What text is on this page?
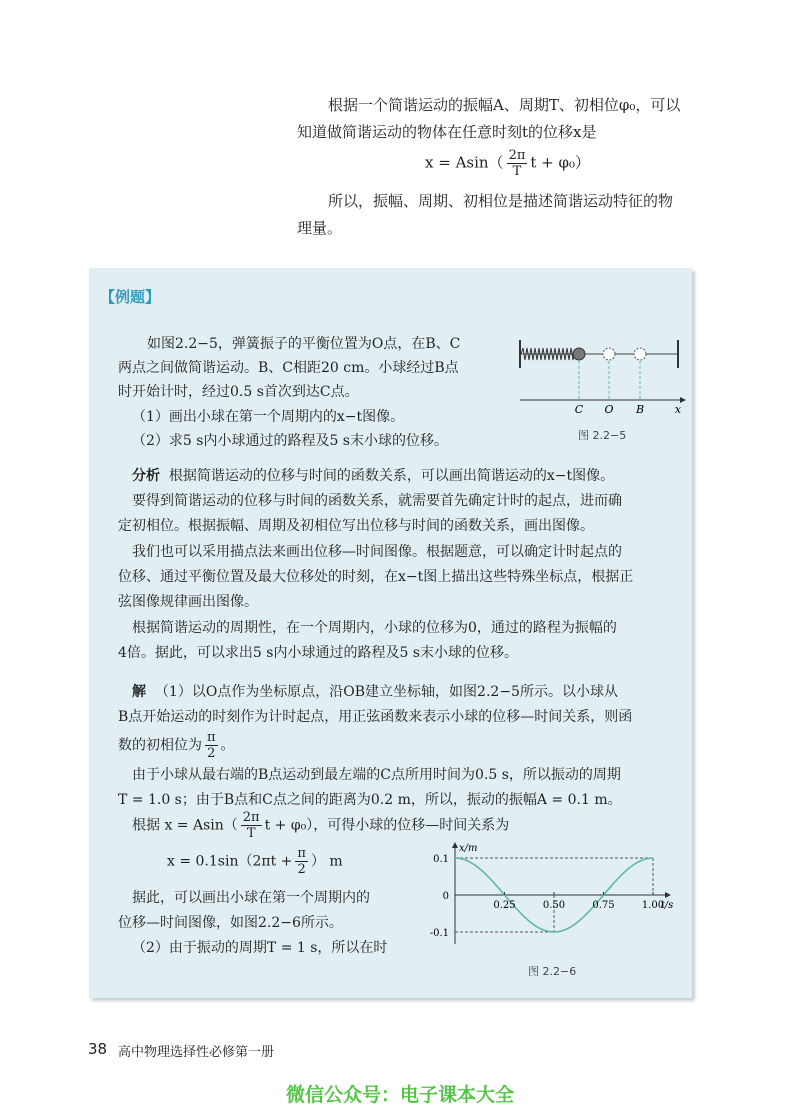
根据一个简谐运动的振幅A、周期T、初相位φ₀，可以
知道做简谐运动的物体在任意时刻t的位移x是
$x = Asin( \frac{2\pi}{T}$ t + φ₀）
所以，振幅、周期、初相位是描述简谐运动特征的物
理量。
【例题】
如图2.2−5，弹簧振子的平衡位置为O点，在B、C
两点之间做简谐运动。B、C相距20 cm。小球经过B点
时开始计时，经过0.5 s首次到达C点。
（1）画出小球在第一个周期内的x−t图像。
（2）求5 s内小球通过的路程及5 s末小球的位移。
C O B	x
图 2.2−5
分析 根据简谐运动的位移与时间的函数关系，可以画出简谐运动的x−t图像。
要得到简谐运动的位移与时间的函数关系，就需要首先确定计时的起点，进而确
定初相位。根据振幅、周期及初相位写出位移与时间的函数关系，画出图像。
我们也可以采用描点法来画出位移—时间图像。根据题意，可以确定计时起点的
位移、通过平衡位置及最大位移处的时刻，在x−t图上描出这些特殊坐标点，根据正
弦图像规律画出图像。
根据简谐运动的周期性，在一个周期内，小球的位移为0，通过的路程为振幅的
4倍。据此，可以求出5 s内小球通过的路程及5 s末小球的位移。
解 （1）以O点作为坐标原点，沿OB建立坐标轴，如图2.2−5所示。以小球从
B点开始运动的时刻作为计时起点，用正弦函数来表示小球的位移—时间关系，则函
数的初相位为 $\frac{\pi}{2}$ 。
由于小球从最右端的B点运动到最左端的C点所用时间为0.5 s，所以振动的周期
T = 1.0 s；由于B点和C点之间的距离为0.2 m，所以，振动的振幅A = 0.1 m。
根据 $x = Asin( \frac{2\pi}{T}$ t + φ₀），可得小球的位移—时间关系为
$x = 0.1\sin(2\pi t + \frac{\pi}{2}$ ） m
据此，可以画出小球在第一个周期内的
位移—时间图像，如图2.2−6所示。
（2）由于振动的周期T = 1 s，所以在时
0.25	0.50	0.75	1.00
0.1
0
-0.1
x/m
t/s
图 2.2−6
38 高中物理选择性必修第一册
微信公众号：电子课本大全
